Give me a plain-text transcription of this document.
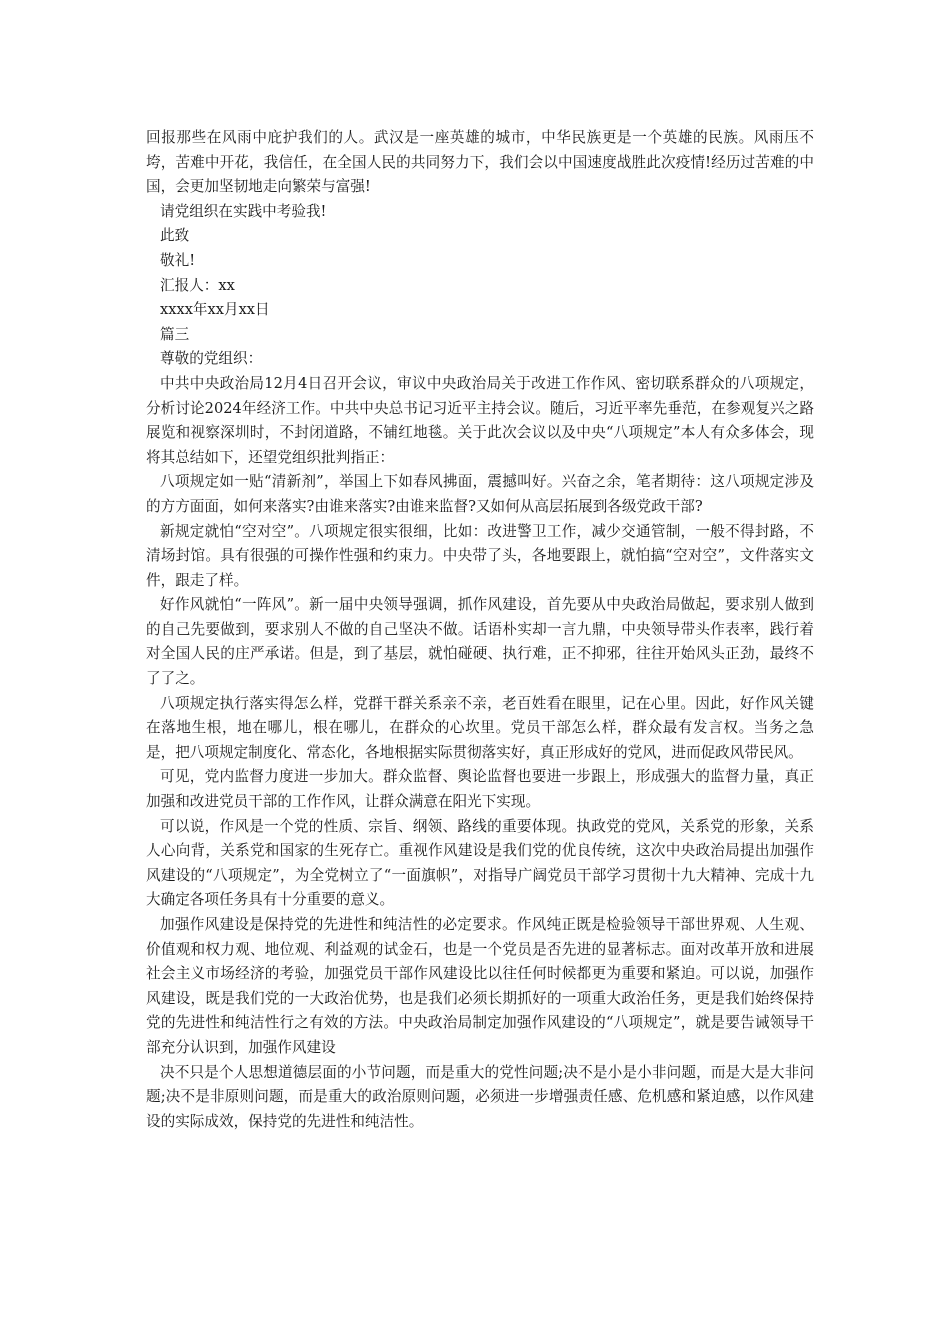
回报那些在风雨中庇护我们的人。武汉是一座英雄的城市，中华民族更是一个英雄的民族。风雨压不垮，苦难中开花，我信任，在全国人民的共同努力下，我们会以中国速度战胜此次疫情!经历过苦难的中国，会更加坚韧地走向繁荣与富强!

请党组织在实践中考验我!

此致

敬礼!

汇报人：xx

xxxx年xx月xx日

篇三

尊敬的党组织：

中共中央政治局12月4日召开会议，审议中央政治局关于改进工作作风、密切联系群众的八项规定，分析讨论2024年经济工作。中共中央总书记习近平主持会议。随后，习近平率先垂范，在参观复兴之路展览和视察深圳时，不封闭道路，不铺红地毯。关于此次会议以及中央“八项规定”本人有众多体会，现将其总结如下，还望党组织批判指正：

八项规定如一贴“清新剂”，举国上下如春风拂面，震撼叫好。兴奋之余，笔者期待：这八项规定涉及的方方面面，如何来落实?由谁来落实?由谁来监督?又如何从高层拓展到各级党政干部?

新规定就怕“空对空”。八项规定很实很细，比如：改进警卫工作，减少交通管制，一般不得封路，不清场封馆。具有很强的可操作性强和约束力。中央带了头，各地要跟上，就怕搞“空对空”，文件落实文件，跟走了样。

好作风就怕“一阵风”。新一届中央领导强调，抓作风建设，首先要从中央政治局做起，要求别人做到的自己先要做到，要求别人不做的自己坚决不做。话语朴实却一言九鼎，中央领导带头作表率，践行着对全国人民的庄严承诺。但是，到了基层，就怕碰硬、执行难，正不抑邪，往往开始风头正劲，最终不了了之。

八项规定执行落实得怎么样，党群干群关系亲不亲，老百姓看在眼里，记在心里。因此，好作风关键在落地生根，地在哪儿，根在哪儿，在群众的心坎里。党员干部怎么样，群众最有发言权。当务之急是，把八项规定制度化、常态化，各地根据实际贯彻落实好，真正形成好的党风，进而促政风带民风。

可见，党内监督力度进一步加大。群众监督、舆论监督也要进一步跟上，形成强大的监督力量，真正加强和改进党员干部的工作作风，让群众满意在阳光下实现。

可以说，作风是一个党的性质、宗旨、纲领、路线的重要体现。执政党的党风，关系党的形象，关系人心向背，关系党和国家的生死存亡。重视作风建设是我们党的优良传统，这次中央政治局提出加强作风建设的“八项规定”，为全党树立了“一面旗帜”，对指导广阔党员干部学习贯彻十九大精神、完成十九大确定各项任务具有十分重要的意义。

加强作风建设是保持党的先进性和纯洁性的必定要求。作风纯正既是检验领导干部世界观、人生观、价值观和权力观、地位观、利益观的试金石，也是一个党员是否先进的显著标志。面对改革开放和进展社会主义市场经济的考验，加强党员干部作风建设比以往任何时候都更为重要和紧迫。可以说，加强作风建设，既是我们党的一大政治优势，也是我们必须长期抓好的一项重大政治任务，更是我们始终保持党的先进性和纯洁性行之有效的方法。中央政治局制定加强作风建设的“八项规定”，就是要告诫领导干部充分认识到，加强作风建设

决不只是个人思想道德层面的小节问题，而是重大的党性问题;决不是小是小非问题，而是大是大非问题;决不是非原则问题，而是重大的政治原则问题，必须进一步增强责任感、危机感和紧迫感，以作风建设的实际成效，保持党的先进性和纯洁性。
